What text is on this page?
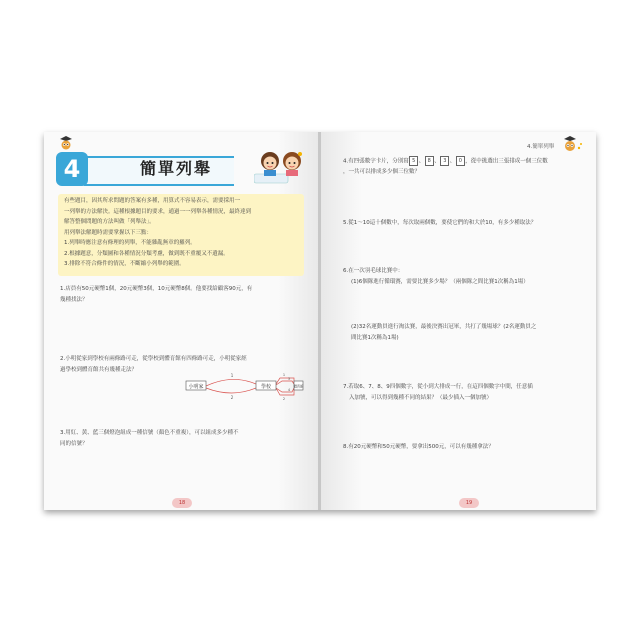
4	簡單列舉
有些題目，因其所求問題的答案有多種，用算式不容易表示，需要採用一
一列舉的方法解決。這種根據題目的要求，通過一一列舉各種情況，最終達到
解答整個問題的方法叫做「列舉法」。
用列舉法解題時需要掌握以下三點：
1.列舉時應注意有條理的列舉，不能雜亂無章的羅列。
2.根據題意，分類圖和各種情況分類考慮，做到既不重覆又不遺漏。
3.排除不符合條件的情況，不斷縮小列舉的範圍。
1.店員有50元硬幣1個，20元硬幣3個，10元硬幣8個。他要找給顧客90元，有
幾種找法？
2.小明從家到學校有兩條路可走，從學校到體育館有四條路可走，小明從家經
過學校到體育館共有幾種走法？
小明家	學校	體育館
1
2
1
3
2
4
3.用紅、黃、藍三個燈泡組成一種信號（顏色不重複），可以組成多少種不
同的信號？
18
4.簡單列舉
4.有四張數字卡片，分別寫 5 、 8 、 3 、 0 ，從中挑選出三張排成一個三位數
，一共可以排成多少個三位數？
5.從1～10這十個數中，每次取兩個數，要使它們的和大於10，有多少種取法？
6.在一次羽毛球比賽中：
(1)6個隊進行循環賽，需要比賽多少場？（兩個隊之間比賽1次稱為1場）
(2)32名運動員進行淘汰賽，最後決賽出冠軍，共打了幾場球？(2名運動員之
間比賽1次稱為1場)
7.若取6、7、8、9四個數字，從小到大排成一行，在這四個數字中間，任意插
入加號，可以得到幾種不同的結果？（最少插入一個加號）
8.有20元硬幣和50元硬幣，要拿出500元，可以有幾種拿法？
19
